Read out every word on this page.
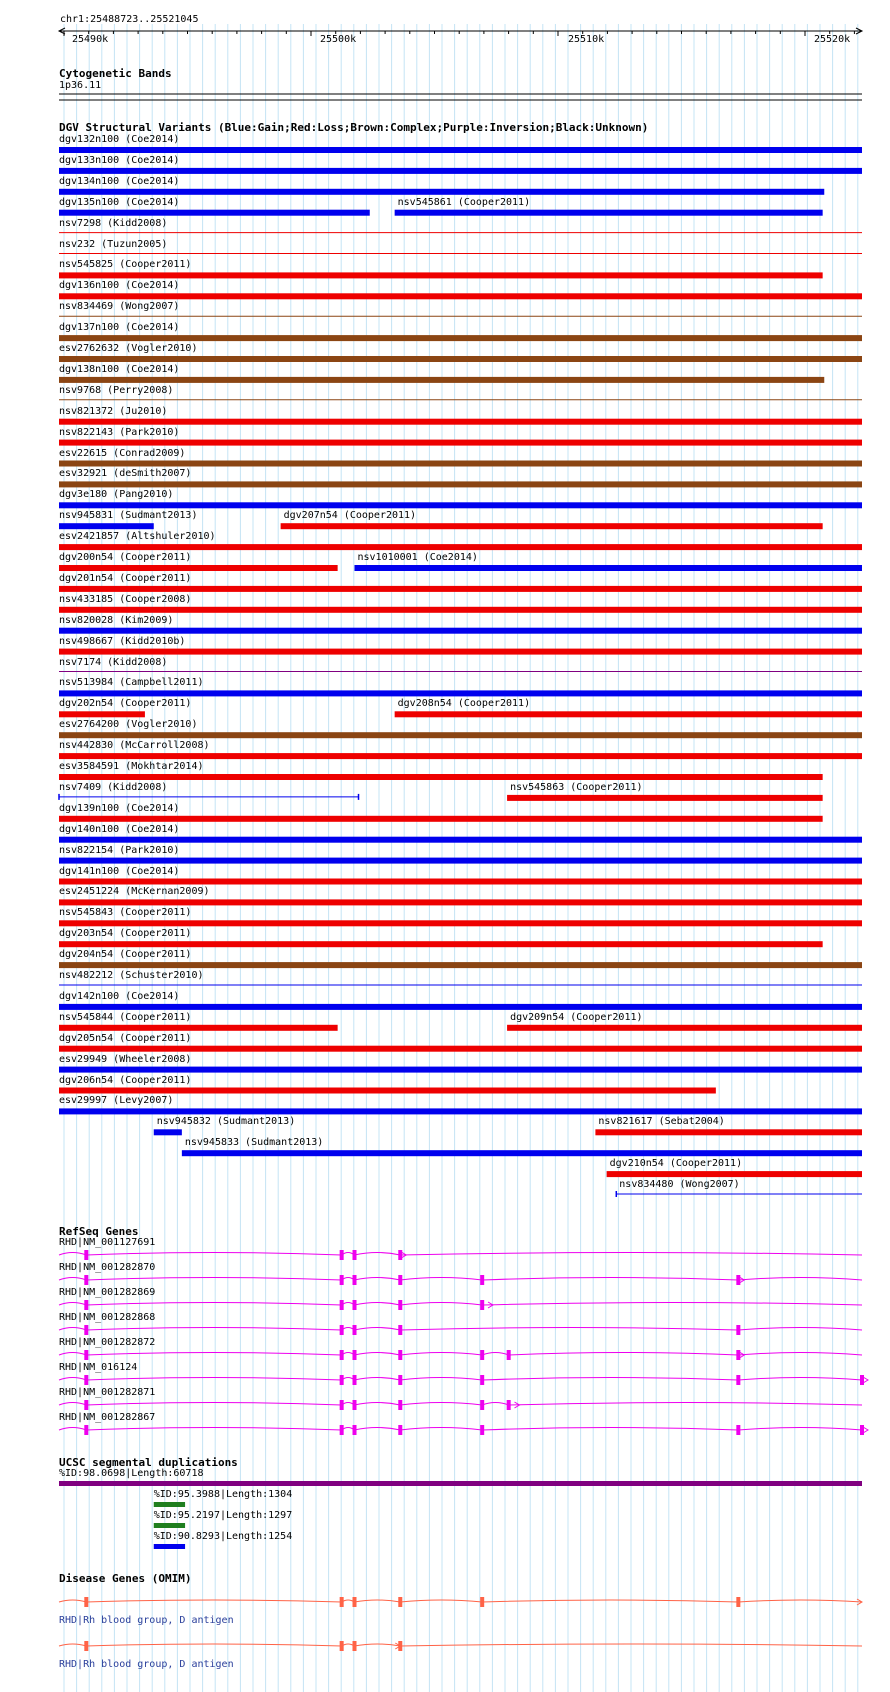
chr1:25488723..25521045
Cytogenetic Bands
1p36.11
DGV Structural Variants (Blue:Gain;Red:Loss;Brown:Complex;Purple:Inversion;Black:Unknown)
RefSeq Genes
UCSC segmental duplications
Disease Genes (OMIM)
25490k	25500k	25510k	25520k
dgv132n100 (Coe2014)
dgv133n100 (Coe2014)
dgv134n100 (Coe2014)
dgv135n100 (Coe2014)	nsv545861 (Cooper2011)
nsv7298 (Kidd2008)
nsv232 (Tuzun2005)
nsv545825 (Cooper2011)
dgv136n100 (Coe2014)
nsv834469 (Wong2007)
dgv137n100 (Coe2014)
esv2762632 (Vogler2010)
dgv138n100 (Coe2014)
nsv9768 (Perry2008)
nsv821372 (Ju2010)
nsv822143 (Park2010)
esv22615 (Conrad2009)
esv32921 (deSmith2007)
dgv3e180 (Pang2010)
nsv945831 (Sudmant2013)	dgv207n54 (Cooper2011)
esv2421857 (Altshuler2010)
dgv200n54 (Cooper2011)	nsv1010001 (Coe2014)
dgv201n54 (Cooper2011)
nsv433185 (Cooper2008)
nsv820028 (Kim2009)
nsv498667 (Kidd2010b)
nsv7174 (Kidd2008)
nsv513984 (Campbell2011)
dgv202n54 (Cooper2011)	dgv208n54 (Cooper2011)
esv2764200 (Vogler2010)
nsv442830 (McCarroll2008)
esv3584591 (Mokhtar2014)
nsv7409 (Kidd2008)	nsv545863 (Cooper2011)
dgv139n100 (Coe2014)
dgv140n100 (Coe2014)
nsv822154 (Park2010)
dgv141n100 (Coe2014)
esv2451224 (McKernan2009)
nsv545843 (Cooper2011)
dgv203n54 (Cooper2011)
dgv204n54 (Cooper2011)
nsv482212 (Schuster2010)
dgv142n100 (Coe2014)
nsv545844 (Cooper2011)	dgv209n54 (Cooper2011)
dgv205n54 (Cooper2011)
esv29949 (Wheeler2008)
dgv206n54 (Cooper2011)
esv29997 (Levy2007)
nsv945832 (Sudmant2013)	nsv821617 (Sebat2004)
nsv945833 (Sudmant2013)
dgv210n54 (Cooper2011)
nsv834480 (Wong2007)
RHD|NM_001127691
RHD|NM_001282870
RHD|NM_001282869
RHD|NM_001282868
RHD|NM_001282872
RHD|NM_016124
RHD|NM_001282871
RHD|NM_001282867
%ID:98.0698|Length:60718
%ID:95.3988|Length:1304
%ID:95.2197|Length:1297
%ID:90.8293|Length:1254
RHD|Rh blood group, D antigen
RHD|Rh blood group, D antigen
